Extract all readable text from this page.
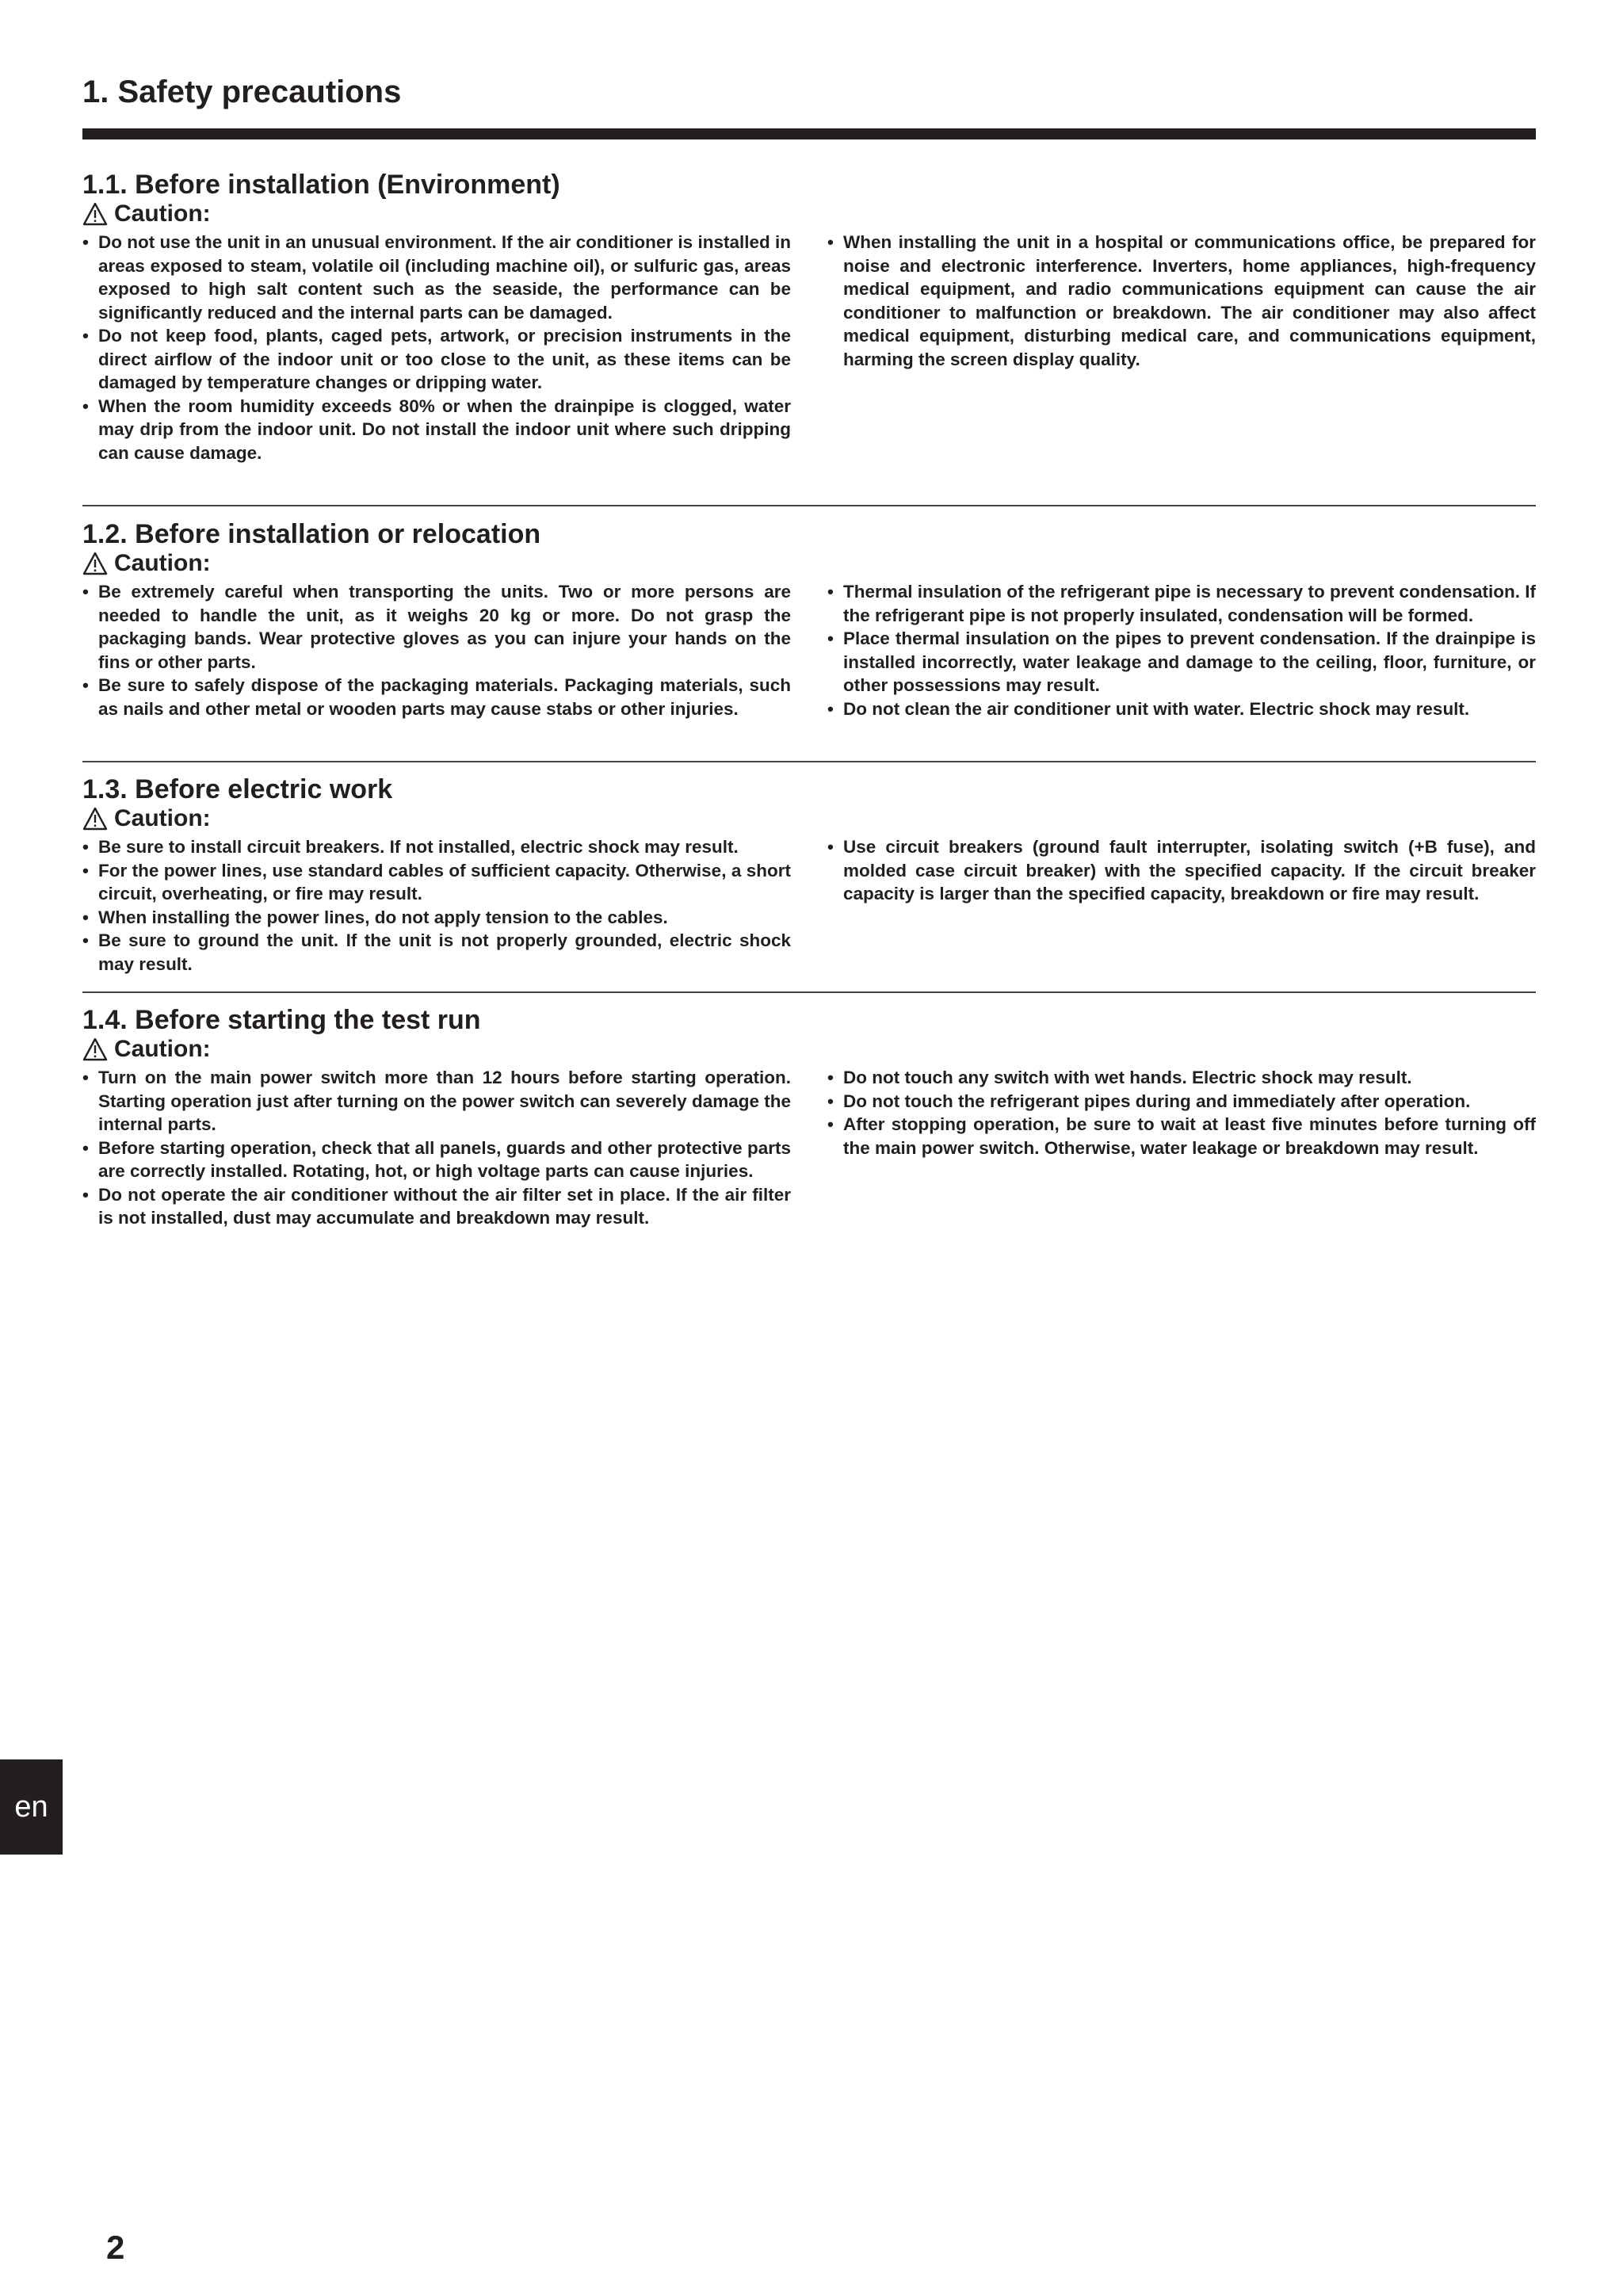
1. Safety precautions
1.1. Before installation (Environment)
Caution:
• Do not use the unit in an unusual environment. If the air conditioner is installed in areas exposed to steam, volatile oil (including machine oil), or sulfuric gas, areas exposed to high salt content such as the seaside, the performance can be significantly reduced and the internal parts can be damaged.
• Do not keep food, plants, caged pets, artwork, or precision instruments in the direct airflow of the indoor unit or too close to the unit, as these items can be damaged by temperature changes or dripping water.
• When the room humidity exceeds 80% or when the drainpipe is clogged, water may drip from the indoor unit. Do not install the indoor unit where such dripping can cause damage.
• When installing the unit in a hospital or communications office, be prepared for noise and electronic interference. Inverters, home appliances, high-frequency medical equipment, and radio communications equipment can cause the air conditioner to malfunction or breakdown. The air conditioner may also affect medical equipment, disturbing medical care, and communications equipment, harming the screen display quality.
1.2. Before installation or relocation
Caution:
• Be extremely careful when transporting the units. Two or more persons are needed to handle the unit, as it weighs 20 kg or more. Do not grasp the packaging bands. Wear protective gloves as you can injure your hands on the fins or other parts.
• Be sure to safely dispose of the packaging materials. Packaging materials, such as nails and other metal or wooden parts may cause stabs or other injuries.
• Thermal insulation of the refrigerant pipe is necessary to prevent condensation. If the refrigerant pipe is not properly insulated, condensation will be formed.
• Place thermal insulation on the pipes to prevent condensation. If the drainpipe is installed incorrectly, water leakage and damage to the ceiling, floor, furniture, or other possessions may result.
• Do not clean the air conditioner unit with water. Electric shock may result.
1.3. Before electric work
Caution:
• Be sure to install circuit breakers. If not installed, electric shock may result.
• For the power lines, use standard cables of sufficient capacity. Otherwise, a short circuit, overheating, or fire may result.
• When installing the power lines, do not apply tension to the cables.
• Be sure to ground the unit. If the unit is not properly grounded, electric shock may result.
• Use circuit breakers (ground fault interrupter, isolating switch (+B fuse), and molded case circuit breaker) with the specified capacity. If the circuit breaker capacity is larger than the specified capacity, breakdown or fire may result.
1.4. Before starting the test run
Caution:
• Turn on the main power switch more than 12 hours before starting operation. Starting operation just after turning on the power switch can severely damage the internal parts.
• Before starting operation, check that all panels, guards and other protective parts are correctly installed. Rotating, hot, or high voltage parts can cause injuries.
• Do not operate the air conditioner without the air filter set in place. If the air filter is not installed, dust may accumulate and breakdown may result.
• Do not touch any switch with wet hands. Electric shock may result.
• Do not touch the refrigerant pipes during and immediately after operation.
• After stopping operation, be sure to wait at least five minutes before turning off the main power switch. Otherwise, water leakage or breakdown may result.
en
2
